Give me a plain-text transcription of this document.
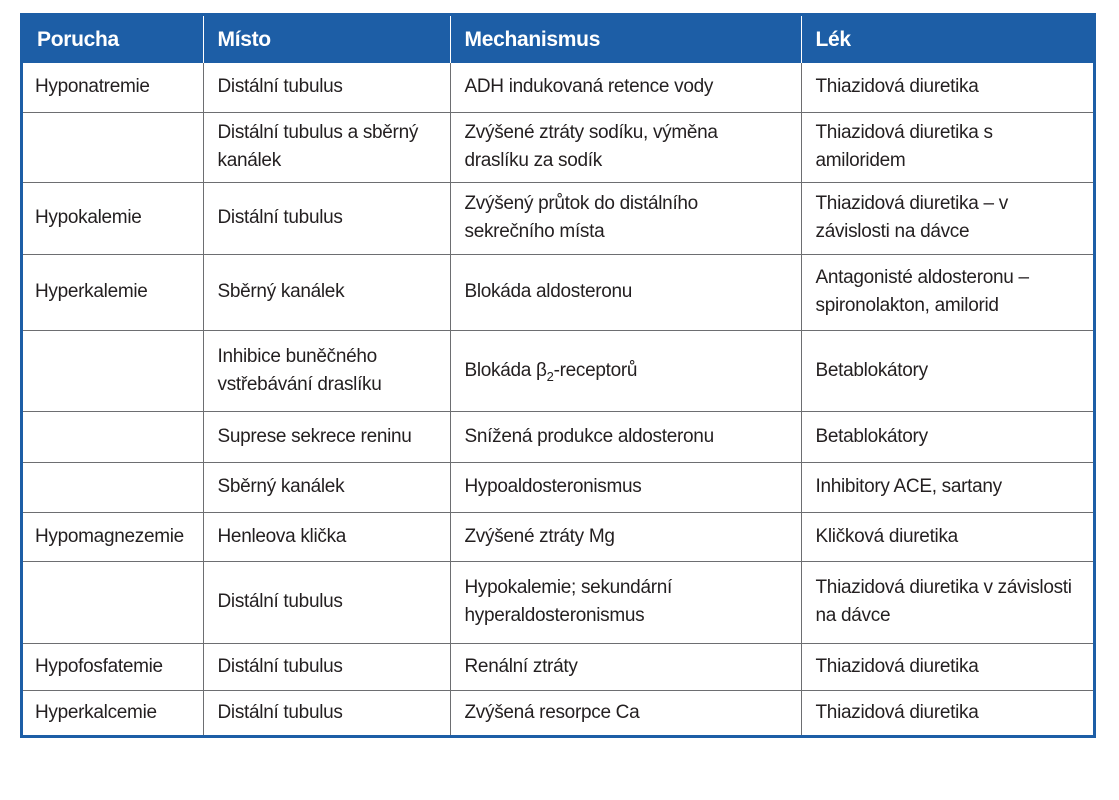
Porucha	Místo	Mechanismus	Lék
Hyponatremie	Distální tubulus	ADH indukovaná retence vody	Thiazidová diuretika
	Distální tubulus a sběrný kanálek	Zvýšené ztráty sodíku, výměna draslíku za sodík	Thiazidová diuretika s amiloridem
Hypokalemie	Distální tubulus	Zvýšený průtok do distálního sekrečního místa	Thiazidová diuretika – v závislosti na dávce
Hyperkalemie	Sběrný kanálek	Blokáda aldosteronu	Antagonisté aldosteronu – spironolakton, amilorid
	Inhibice buněčného vstřebávání draslíku	Blokáda $\beta_2$-receptorů	Betablokátory
	Suprese sekrece reninu	Snížená produkce aldosteronu	Betablokátory
	Sběrný kanálek	Hypoaldosteronismus	Inhibitory ACE, sartany
Hypomagnezemie	Henleova klička	Zvýšené ztráty Mg	Kličková diuretika
	Distální tubulus	Hypokalemie; sekundární hyperaldosteronismus	Thiazidová diuretika v závislosti na dávce
Hypofosfatemie	Distální tubulus	Renální ztráty	Thiazidová diuretika
Hyperkalcemie	Distální tubulus	Zvýšená resorpce Ca	Thiazidová diuretika
